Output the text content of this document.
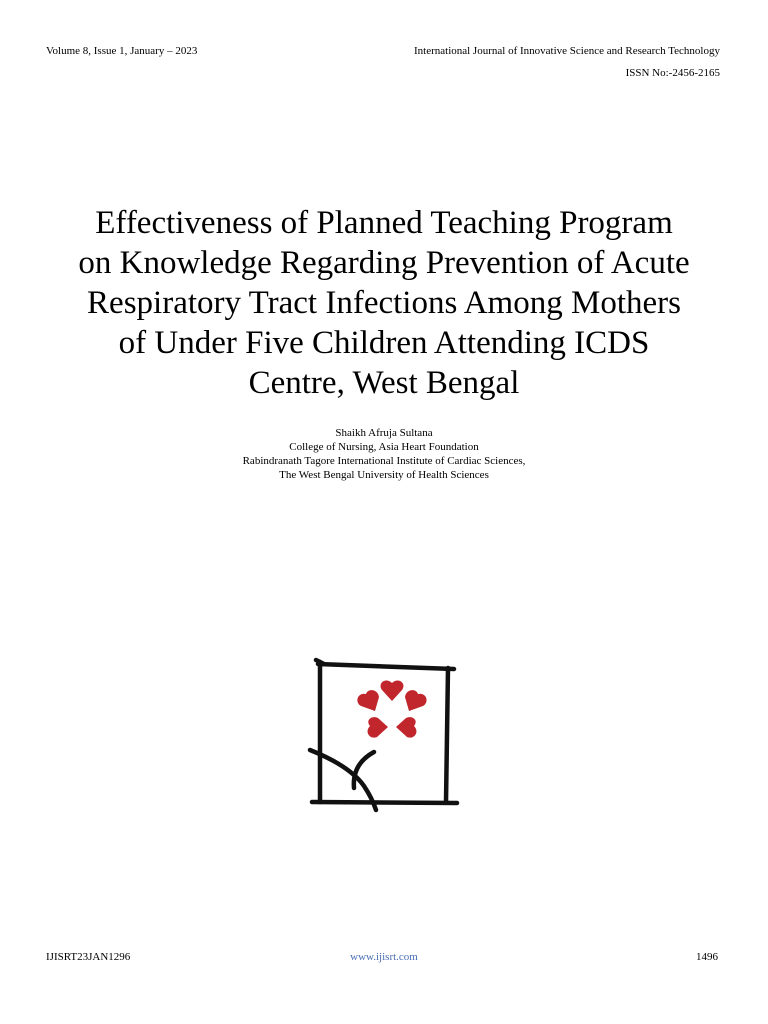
Volume 8, Issue 1, January – 2023	International Journal of Innovative Science and Research Technology
ISSN No:-2456-2165
Effectiveness of Planned Teaching Program
on Knowledge Regarding Prevention of Acute
Respiratory Tract Infections Among Mothers
of Under Five Children Attending ICDS
Centre, West Bengal
Shaikh Afruja Sultana
College of Nursing, Asia Heart Foundation
Rabindranath Tagore International Institute of Cardiac Sciences,
The West Bengal University of Health Sciences
IJISRT23JAN1296	www.ijisrt.com	1496
